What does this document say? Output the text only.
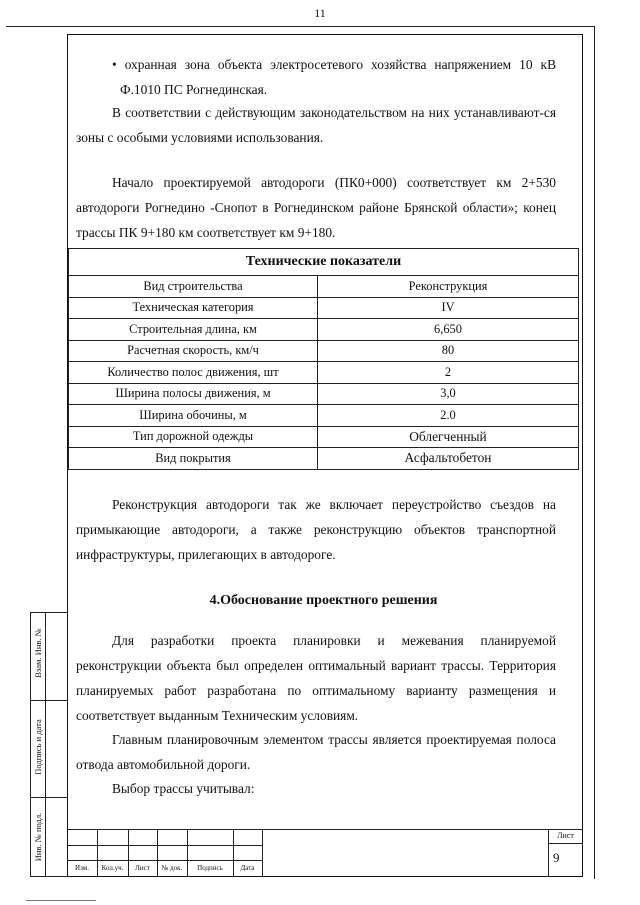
11

• охранная зона объекта электросетевого хозяйства напряжением 10 кВ Ф.1010 ПС Рогнединская.

В соответствии с действующим законодательством на них устанавливают-ся зоны с особыми условиями использования.

Начало проектируемой автодороги (ПК0+000) соответствует км 2+530 автодороги Рогнедино -Снопот в Рогнединском районе Брянской области»; конец трассы ПК 9+180 км соответствует км 9+180.

Технические показатели	
Вид строительства	Реконструкция
Техническая категория	IV
Строительная длина, км	6,650
Расчетная скорость, км/ч	80
Количество полос движения, шт	2
Ширина полосы движения, м	3,0
Ширина обочины, м	2.0
Тип дорожной одежды	Облегченный
Вид покрытия	Асфальтобетон

Реконструкция автодороги так же включает переустройство съездов на примыкающие автодороги, а также реконструкцию объектов транспортной инфраструктуры, прилегающих в автодороге.

4.Обоснование проектного решения

Для разработки проекта планировки и межевания планируемой реконструкции объекта был определен оптимальный вариант трассы. Территория планируемых работ разработана по оптимальному варианту размещения и соответствует выданным Техническим условиям.

Главным планировочным элементом трассы является проектируемая полоса отвода автомобильной дороги.

Выбор трассы учитывал:

Взам. Инв. №
Подпись и дата
Инв. № подл.
Изм.	Кол.уч.	Лист	№ док.	Подпись	Дата
Лист
9
